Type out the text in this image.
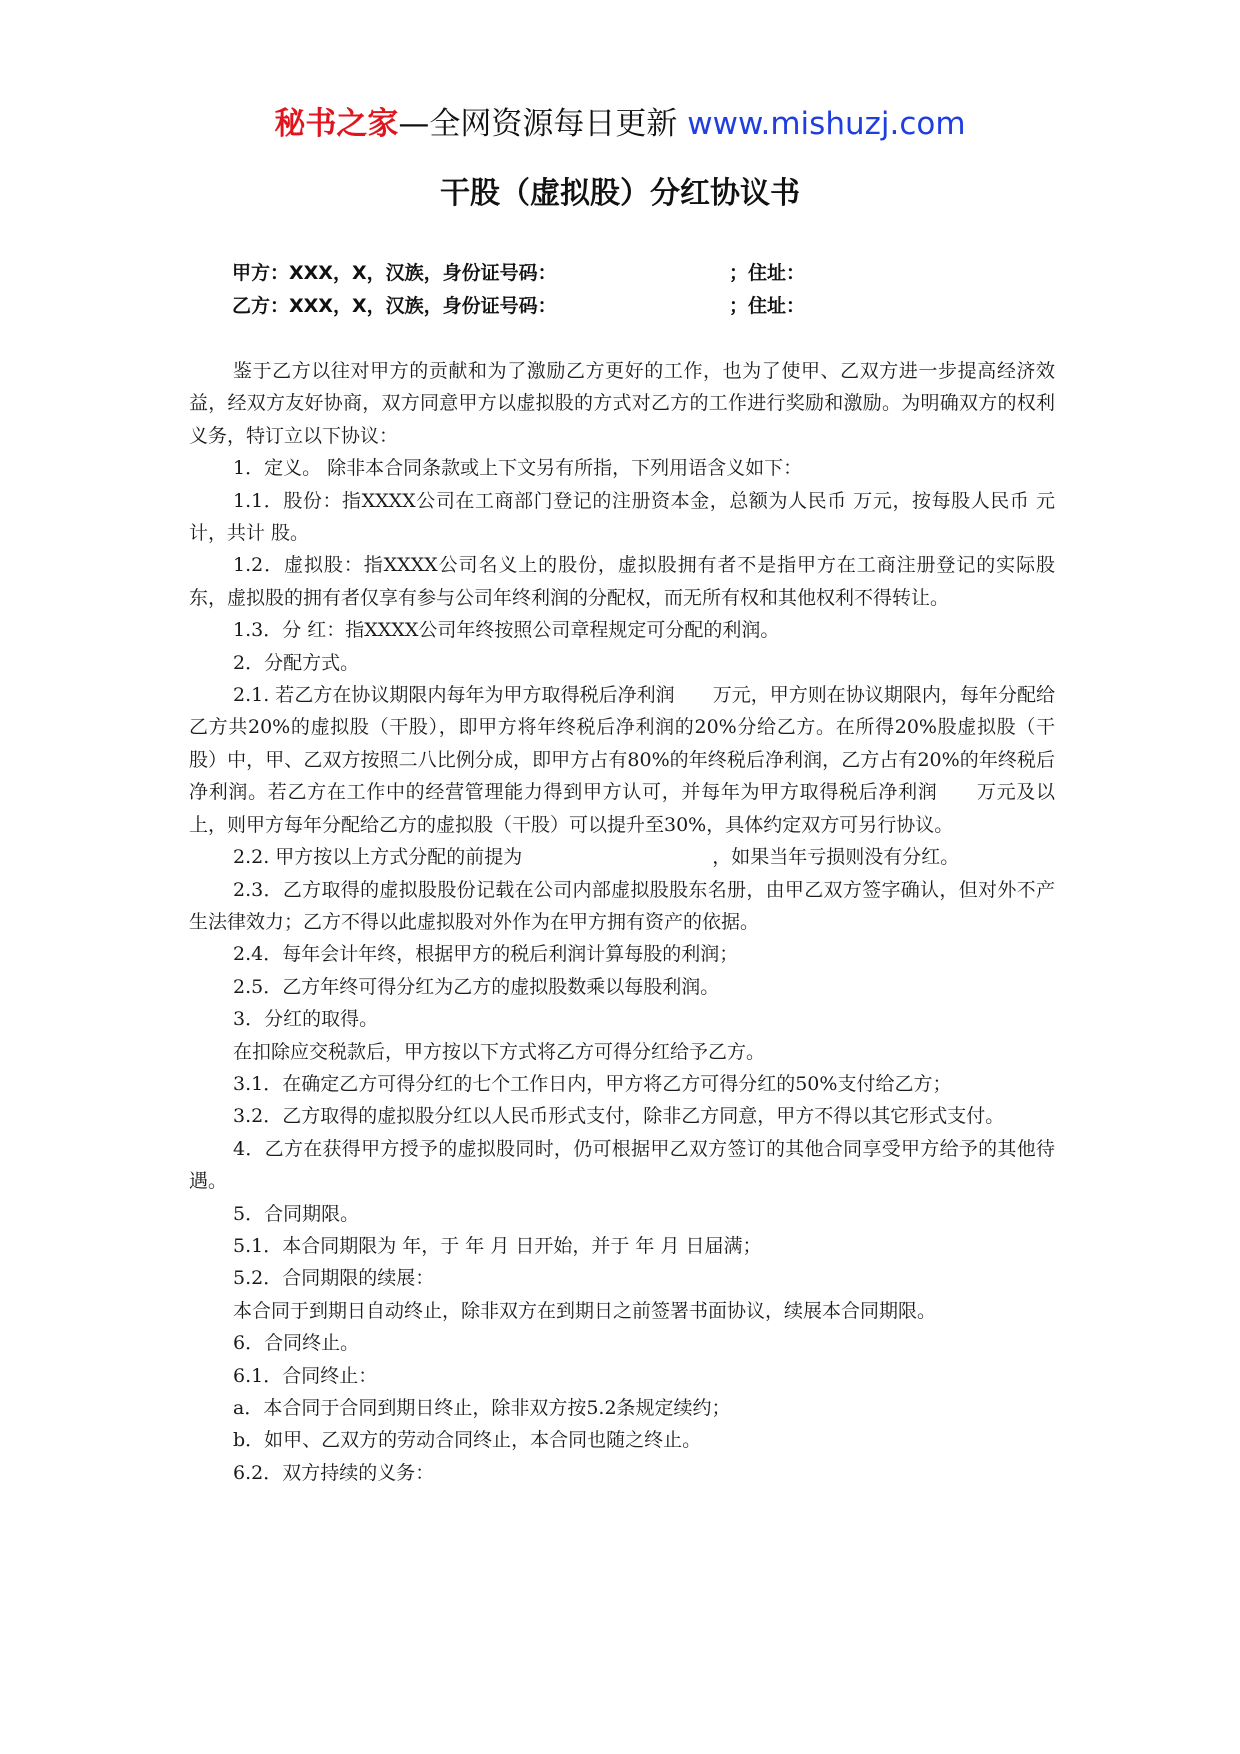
秘书之家—全网资源每日更新 www.mishuzj.com
干股（虚拟股）分红协议书
甲方：XXX，X，汉族，身份证号码：	；住址：
乙方：XXX，X，汉族，身份证号码：	；住址：

鉴于乙方以往对甲方的贡献和为了激励乙方更好的工作，也为了使甲、乙双方进一步提高经济效益，经双方友好协商，双方同意甲方以虚拟股的方式对乙方的工作进行奖励和激励。为明确双方的权利义务，特订立以下协议：

1．定义。 除非本合同条款或上下文另有所指，下列用语含义如下：

1.1．股份：指XXXX公司在工商部门登记的注册资本金，总额为人民币 万元，按每股人民币 元计，共计 股。

1.2．虚拟股：指XXXX公司名义上的股份，虚拟股拥有者不是指甲方在工商注册登记的实际股东，虚拟股的拥有者仅享有参与公司年终利润的分配权，而无所有权和其他权利不得转让。

1.3．分 红：指XXXX公司年终按照公司章程规定可分配的利润。

2．分配方式。

2.1. 若乙方在协议期限内每年为甲方取得税后净利润　　万元，甲方则在协议期限内，每年分配给乙方共20%的虚拟股（干股），即甲方将年终税后净利润的20%分给乙方。在所得20%股虚拟股（干股）中，甲、乙双方按照二八比例分成，即甲方占有80%的年终税后净利润，乙方占有20%的年终税后净利润。若乙方在工作中的经营管理能力得到甲方认可，并每年为甲方取得税后净利润　　万元及以上，则甲方每年分配给乙方的虚拟股（干股）可以提升至30%，具体约定双方可另行协议。

2.2. 甲方按以上方式分配的前提为　　　　　　　　　　，如果当年亏损则没有分红。

2.3．乙方取得的虚拟股股份记载在公司内部虚拟股股东名册，由甲乙双方签字确认，但对外不产生法律效力；乙方不得以此虚拟股对外作为在甲方拥有资产的依据。

2.4．每年会计年终，根据甲方的税后利润计算每股的利润；

2.5．乙方年终可得分红为乙方的虚拟股数乘以每股利润。

3．分红的取得。

在扣除应交税款后，甲方按以下方式将乙方可得分红给予乙方。

3.1．在确定乙方可得分红的七个工作日内，甲方将乙方可得分红的50%支付给乙方；

3.2．乙方取得的虚拟股分红以人民币形式支付，除非乙方同意，甲方不得以其它形式支付。

4．乙方在获得甲方授予的虚拟股同时，仍可根据甲乙双方签订的其他合同享受甲方给予的其他待遇。

5．合同期限。

5.1．本合同期限为 年，于 年 月 日开始，并于 年 月 日届满；

5.2．合同期限的续展：

本合同于到期日自动终止，除非双方在到期日之前签署书面协议，续展本合同期限。

6．合同终止。

6.1．合同终止：

a．本合同于合同到期日终止，除非双方按5.2条规定续约；

b．如甲、乙双方的劳动合同终止，本合同也随之终止。

6.2．双方持续的义务：
